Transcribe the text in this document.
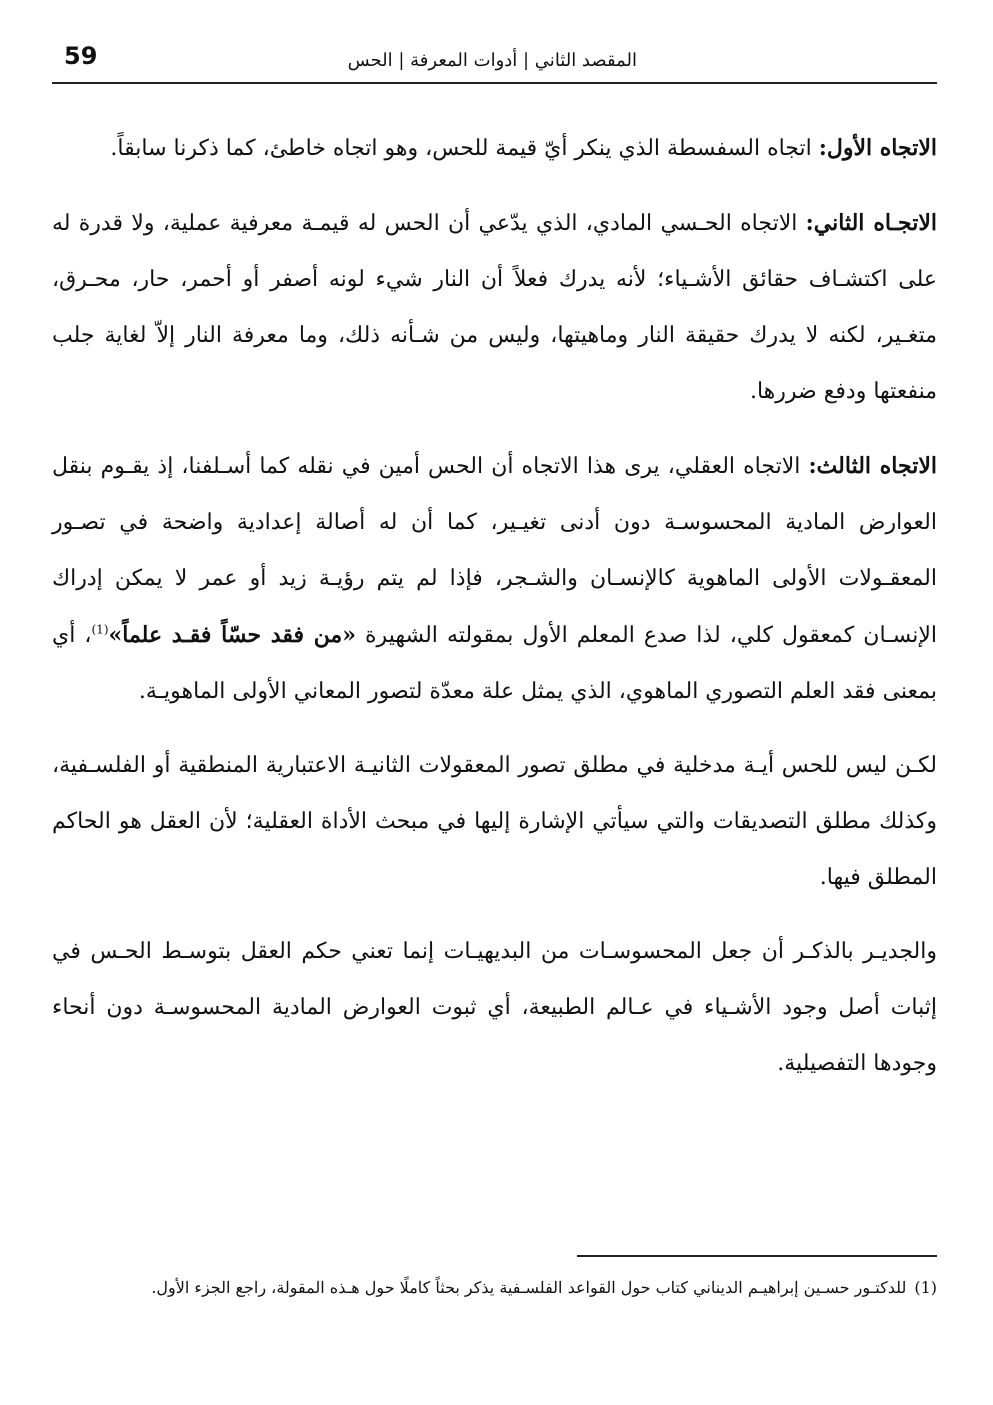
59	المقصد الثاني | أدوات المعرفة | الحس

الاتجاه الأول: اتجاه السفسطة الذي ينكر أيّ قيمة للحس، وهو اتجاه خاطئ، كما ذكرنا سابقاً.

الاتجـاه الثاني: الاتجاه الحـسي المادي، الذي يدّعي أن الحس له قيمـة معرفية عملية، ولا قدرة له على اكتشـاف حقائق الأشـياء؛ لأنه يدرك فعلاً أن النار شيء لونه أصفر أو أحمر، حار، محـرق، متغـير، لكنه لا يدرك حقيقة النار وماهيتها، وليس من شـأنه ذلك، وما معرفة النار إلاّ لغاية جلب منفعتها ودفع ضررها.

الاتجاه الثالث: الاتجاه العقلي، يرى هذا الاتجاه أن الحس أمين في نقله كما أسـلفنا، إذ يقـوم بنقل العوارض المادية المحسوسـة دون أدنى تغيـير، كما أن له أصالة إعدادية واضحة في تصـور المعقـولات الأولى الماهوية كالإنسـان والشـجر، فإذا لم يتم رؤيـة زيد أو عمر لا يمكن إدراك الإنسـان كمعقول كلي، لذا صدع المعلم الأول بمقولته الشهيرة «من فقد حسّاً فقـد علماً»$^{(1)}$، أي بمعنى فقد العلم التصوري الماهوي، الذي يمثل علة معدّة لتصور المعاني الأولى الماهويـة.

لكـن ليس للحس أيـة مدخلية في مطلق تصور المعقولات الثانيـة الاعتبارية المنطقية أو الفلسـفية، وكذلك مطلق التصديقات والتي سيأتي الإشارة إليها في مبحث الأداة العقلية؛ لأن العقل هو الحاكم المطلق فيها.

والجديـر بالذكـر أن جعل المحسوسـات من البديهيـات إنما تعني حكم العقل بتوسـط الحـس في إثبات أصل وجود الأشـياء في عـالم الطبيعة، أي ثبوت العوارض المادية المحسوسـة دون أنحاء وجودها التفصيلية.

(1)للدكتـور حسـين إبراهيـم الديناني كتاب حول القواعد الفلسـفية يذكر بحثاً كاملًا حول هـذه المقولة، راجع الجزء الأول.
